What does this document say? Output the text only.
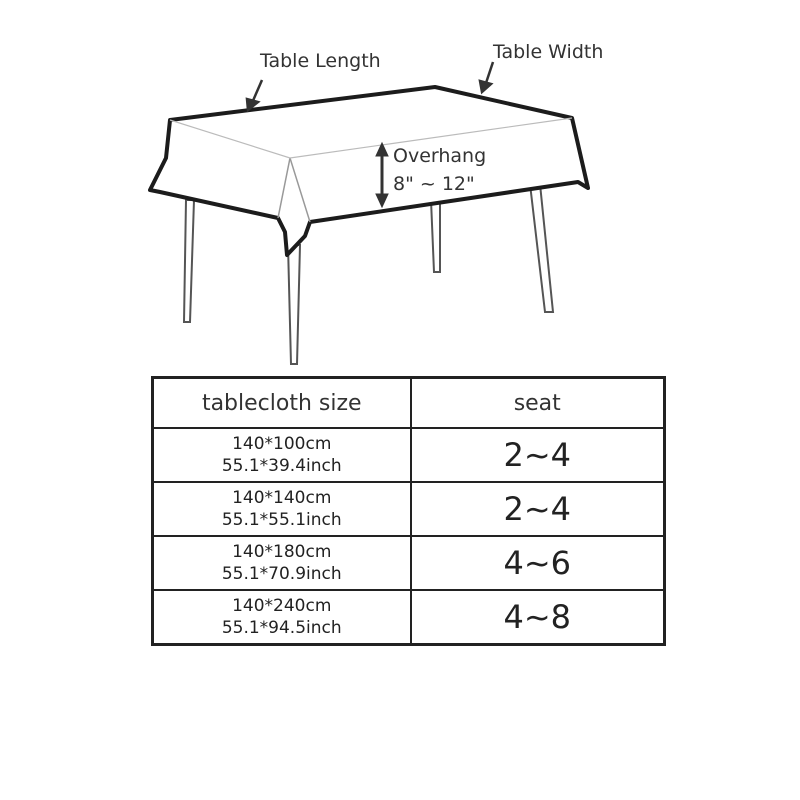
Table Length	Table Width
Overhang
8" ~ 12"
tablecloth size	seat

140*100cm
55.1*39.4inch	2~4

140*140cm
55.1*55.1inch	2~4

140*180cm
55.1*70.9inch	4~6

140*240cm
55.1*94.5inch	4~8
